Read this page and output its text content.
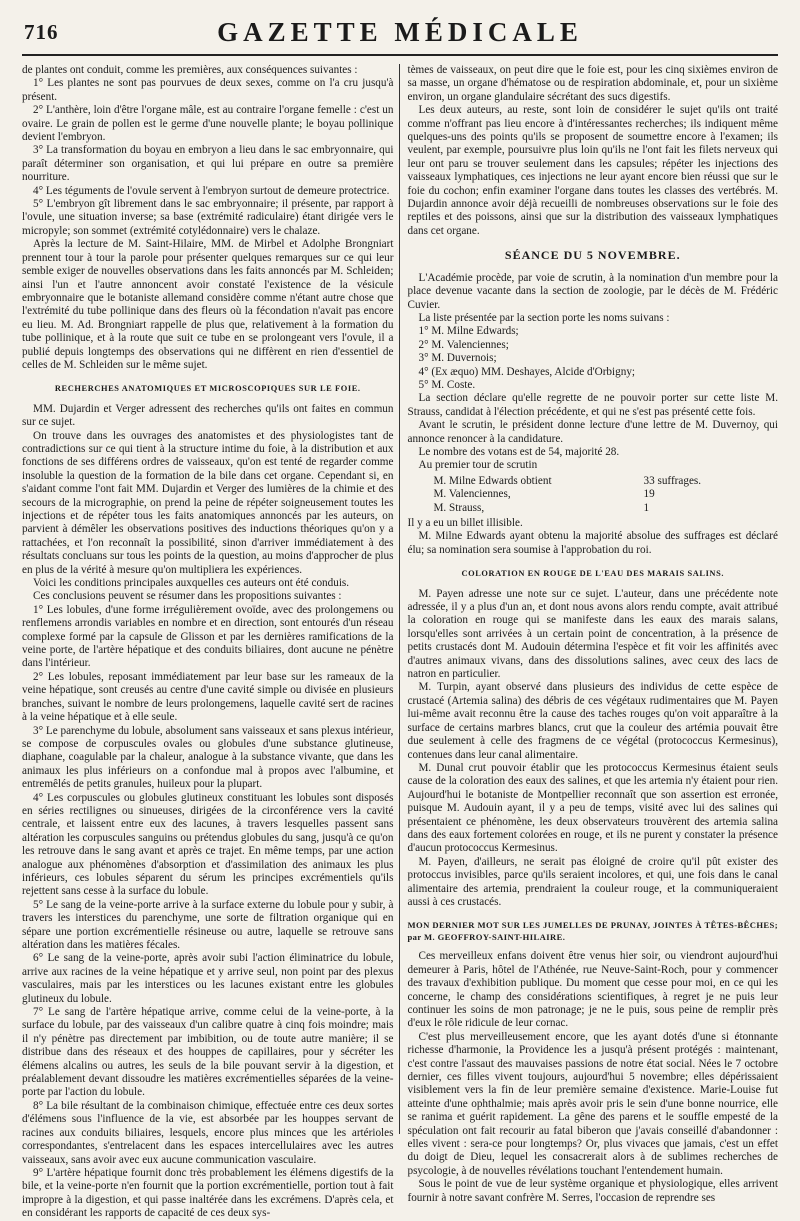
716	GAZETTE MÉDICALE

de plantes ont conduit, comme les premières, aux conséquences suivantes :

1° Les plantes ne sont pas pourvues de deux sexes, comme on l'a cru jusqu'à présent.

2° L'anthère, loin d'être l'organe mâle, est au contraire l'organe femelle : c'est un ovaire. Le grain de pollen est le germe d'une nouvelle plante; le boyau pollinique devient l'embryon.

3° La transformation du boyau en embryon a lieu dans le sac embryonnaire, qui paraît déterminer son organisation, et qui lui prépare en outre sa première nourriture.

4° Les téguments de l'ovule servent à l'embryon surtout de demeure protectrice.

5° L'embryon gît librement dans le sac embryonnaire; il présente, par rapport à l'ovule, une situation inverse; sa base (extrémité radiculaire) étant dirigée vers le micropyle; son sommet (extrémité cotylédonnaire) vers le chalaze.

Après la lecture de M. Saint-Hilaire, MM. de Mirbel et Adolphe Brongniart prennent tour à tour la parole pour présenter quelques remarques sur ce qui leur semble exiger de nouvelles observations dans les faits annoncés par M. Schleiden; ainsi l'un et l'autre annoncent avoir constaté l'existence de la vésicule embryonnaire que le botaniste allemand considère comme n'étant autre chose que l'extrémité du tube pollinique dans des fleurs où la fécondation n'avait pas encore eu lieu. M. Ad. Brongniart rappelle de plus que, relativement à la formation du tube pollinique, et à la route que suit ce tube en se prolongeant vers l'ovule, il a publié depuis longtemps des observations qui ne diffèrent en rien d'essentiel de celles de M. Schleiden sur le même sujet.

RECHERCHES ANATOMIQUES ET MICROSCOPIQUES SUR LE FOIE.

MM. Dujardin et Verger adressent des recherches qu'ils ont faites en commun sur ce sujet.

On trouve dans les ouvrages des anatomistes et des physiologistes tant de contradictions sur ce qui tient à la structure intime du foie, à la distribution et aux fonctions de ses différens ordres de vaisseaux, qu'on est tenté de regarder comme insoluble la question de la formation de la bile dans cet organe. Cependant si, en s'aidant comme l'ont fait MM. Dujardin et Verger des lumières de la chimie et des secours de la micrographie, on prend la peine de répéter soigneusement toutes les injections et de répéter tous les faits anatomiques annoncés par les auteurs, on parvient à démêler les observations positives des inductions théoriques qu'on y a rattachées, et l'on reconnaît la possibilité, sinon d'arriver immédiatement à des résultats concluans sur tous les points de la question, au moins d'approcher de plus en plus de la vérité à mesure qu'on multipliera les expériences.

Voici les conditions principales auxquelles ces auteurs ont été conduis.

Ces conclusions peuvent se résumer dans les propositions suivantes :

1° Les lobules, d'une forme irrégulièrement ovoïde, avec des prolongemens ou renflemens arrondis variables en nombre et en direction, sont entourés d'un réseau complexe formé par la capsule de Glisson et par les dernières ramifications de la veine porte, de l'artère hépatique et des conduits biliaires, dont aucune ne pénètre dans l'intérieur.

2° Les lobules, reposant immédiatement par leur base sur les rameaux de la veine hépatique, sont creusés au centre d'une cavité simple ou divisée en plusieurs branches, suivant le nombre de leurs prolongemens, laquelle cavité sert de racines à la veine hépatique et à elle seule.

3° Le parenchyme du lobule, absolument sans vaisseaux et sans plexus intérieur, se compose de corpuscules ovales ou globules d'une substance glutineuse, diaphane, coagulable par la chaleur, analogue à la substance vivante, que dans les animaux les plus inférieurs on a confondue mal à propos avec l'albumine, et entremêlés de petits granules, huileux pour la plupart.

4° Les corpuscules ou globules glutineux constituant les lobules sont disposés en séries rectilignes ou sinueuses, dirigées de la circonférence vers la cavité centrale, et laissent entre eux des lacunes, à travers lesquelles passent sans altération les corpuscules sanguins ou prétendus globules du sang, jusqu'à ce qu'on les retrouve dans le sang avant et après ce trajet. En même temps, par une action analogue aux phénomènes d'absorption et d'assimilation des animaux les plus inférieurs, ces lobules séparent du sérum les principes excrémentiels qu'ils rejettent sans cesse à la surface du lobule.

5° Le sang de la veine-porte arrive à la surface externe du lobule pour y subir, à travers les interstices du parenchyme, une sorte de filtration organique qui en sépare une portion excrémentielle résineuse ou autre, laquelle se retrouve sans altération dans les matières fécales.

6° Le sang de la veine-porte, après avoir subi l'action éliminatrice du lobule, arrive aux racines de la veine hépatique et y arrive seul, non point par des plexus vasculaires, mais par les interstices ou les lacunes existant entre les globules glutineux du lobule.

7° Le sang de l'artère hépatique arrive, comme celui de la veine-porte, à la surface du lobule, par des vaisseaux d'un calibre quatre à cinq fois moindre; mais il n'y pénètre pas directement par imbibition, ou de toute autre manière; il se distribue dans des réseaux et des houppes de capillaires, pour y sécréter les élémens alcalins ou autres, les seuls de la bile pouvant servir à la digestion, et préalablement devant dissoudre les matières excrémentielles séparées de la veine-porte par l'action du lobule.

8° La bile résultant de la combinaison chimique, effectuée entre ces deux sortes d'élémens sous l'influence de la vie, est absorbée par les houppes servant de racines aux conduits biliaires, lesquels, encore plus minces que les artérioles correspondantes, s'entrelacent dans les espaces intercellulaires avec les autres vaisseaux, sans avoir avec eux aucune communication vasculaire.

9° L'artère hépatique fournit donc très probablement les élémens digestifs de la bile, et la veine-porte n'en fournit que la portion excrémentielle, portion tout à fait impropre à la digestion, et qui passe inaltérée dans les excrémens. D'après cela, et en considérant les rapports de capacité de ces deux sys-

tèmes de vaisseaux, on peut dire que le foie est, pour les cinq sixièmes environ de sa masse, un organe d'hématose ou de respiration abdominale, et, pour un sixième environ, un organe glandulaire sécrétant des sucs digestifs.

Les deux auteurs, au reste, sont loin de considérer le sujet qu'ils ont traité comme n'offrant pas lieu encore à d'intéressantes recherches; ils indiquent même quelques-uns des points qu'ils se proposent de soumettre encore à l'examen; ils veulent, par exemple, poursuivre plus loin qu'ils ne l'ont fait les filets nerveux qui leur ont paru se trouver seulement dans les capsules; répéter les injections des vaisseaux lymphatiques, ces injections ne leur ayant encore bien réussi que sur le foie du cochon; enfin examiner l'organe dans toutes les classes des vertébrés. M. Dujardin annonce avoir déjà recueilli de nombreuses observations sur le foie des reptiles et des poissons, ainsi que sur la distribution des vaisseaux lymphatiques dans cet organe.

SÉANCE DU 5 NOVEMBRE.

L'Académie procède, par voie de scrutin, à la nomination d'un membre pour la place devenue vacante dans la section de zoologie, par le décès de M. Frédéric Cuvier.

La liste présentée par la section porte les noms suivans :

1° M. Milne Edwards;

2° M. Valenciennes;

3° M. Duvernois;

4° (Ex æquo) MM. Deshayes, Alcide d'Orbigny;

5° M. Coste.

La section déclare qu'elle regrette de ne pouvoir porter sur cette liste M. Strauss, candidat à l'élection précédente, et qui ne s'est pas présenté cette fois.

Avant le scrutin, le président donne lecture d'une lettre de M. Duvernoy, qui annonce renoncer à la candidature.

Le nombre des votans est de 54, majorité 28.

Au premier tour de scrutin

M. Milne Edwards obtient	33 suffrages.
M. Valenciennes,	19
M. Strauss,	1

Il y a eu un billet illisible.

M. Milne Edwards ayant obtenu la majorité absolue des suffrages est déclaré élu; sa nomination sera soumise à l'approbation du roi.

COLORATION EN ROUGE DE L'EAU DES MARAIS SALINS.

M. Payen adresse une note sur ce sujet. L'auteur, dans une précédente note adressée, il y a plus d'un an, et dont nous avons alors rendu compte, avait attribué la coloration en rouge qui se manifeste dans les eaux des marais salans, lorsqu'elles sont arrivées à un certain point de concentration, à la présence de petits crustacés dont M. Audouin détermina l'espèce et fit voir les affinités avec d'autres animaux vivans, dans des dissolutions salines, avec ceux des lacs de natron en particulier.

M. Turpin, ayant observé dans plusieurs des individus de cette espèce de crustacé (Artemia salina) des débris de ces végétaux rudimentaires que M. Payen lui-même avait reconnu être la cause des taches rouges qu'on voit apparaître à la surface de certains marbres blancs, crut que la couleur des artémia pouvait être due seulement à celle des fragmens de ce végétal (protococcus Kermesinus), contenues dans leur canal alimentaire.

M. Dunal crut pouvoir établir que les protococcus Kermesinus étaient seuls cause de la coloration des eaux des salines, et que les artemia n'y étaient pour rien. Aujourd'hui le botaniste de Montpellier reconnaît que son assertion est erronée, puisque M. Audouin ayant, il y a peu de temps, visité avec lui des salines qui présentaient ce phénomène, les deux observateurs trouvèrent des artemia salina dans des eaux fortement colorées en rouge, et ils ne purent y constater la présence d'aucun protococcus Kermesinus.

M. Payen, d'ailleurs, ne serait pas éloigné de croire qu'il pût exister des protoccus invisibles, parce qu'ils seraient incolores, et qui, une fois dans le canal alimentaire des artemia, prendraient la couleur rouge, et la communiqueraient aussi à ces crustacés.

MON DERNIER MOT SUR LES JUMELLES DE PRUNAY, JOINTES À TÊTES-BÊCHES; par M. GEOFFROY-SAINT-HILAIRE.

Ces merveilleux enfans doivent être venus hier soir, ou viendront aujourd'hui demeurer à Paris, hôtel de l'Athénée, rue Neuve-Saint-Roch, pour y commencer des travaux d'exhibition publique. Du moment que cesse pour moi, en ce qui les concerne, le champ des considérations scientifiques, à regret je ne puis leur continuer les soins de mon patronage; je ne le puis, sous peine de remplir près d'eux le rôle ridicule de leur cornac.

C'est plus merveilleusement encore, que les ayant dotés d'une si étonnante richesse d'harmonie, la Providence les a jusqu'à présent protégés : maintenant, c'est contre l'assaut des mauvaises passions de notre état social. Nées le 7 octobre dernier, ces filles vivent toujours, aujourd'hui 5 novembre; elles dépérissaient visiblement vers la fin de leur première semaine d'existence. Marie-Louise fut atteinte d'une ophthalmie; mais après avoir pris le sein d'une bonne nourrice, elle se ranima et guérit rapidement. La gêne des parens et le souffle empesté de la spéculation ont fait recourir au fatal biberon que j'avais conseillé d'abandonner : elles vivent : sera-ce pour longtemps? Or, plus vivaces que jamais, c'est un effet du doigt de Dieu, lequel les consacrerait alors à de sublimes recherches de psycologie, à de nouvelles révélations touchant l'entendement humain.

Sous le point de vue de leur système organique et physiologique, elles arrivent fournir à notre savant confrère M. Serres, l'occasion de reprendre ses
